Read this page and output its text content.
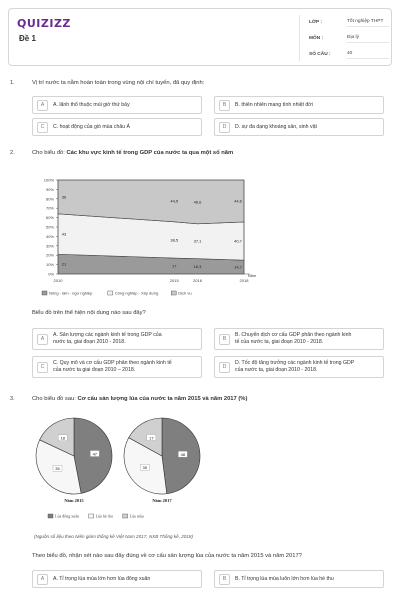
QUIZIZZ
Đề 1
LỚP :	Tốt nghiệp THPT
MÔN :	Địa lý
SỐ CÂU :	40
1.	Vị trí nước ta nằm hoàn toàn trong vùng nội chí tuyến, đã quy định:
A	A. lãnh thổ thuộc múi giờ thứ bảy	B	B. thiên nhiên mang tính nhiệt đới
C	C. hoạt động của gió mùa châu Á	D	D. sự đa dạng khoáng sản, sinh vật
2.	Cho biểu đồ: Các khu vực kinh tế trong GDP của nước ta qua một số năm
21	17	16,3	14,7
43
38,5	37,1	40,7
36
44,5	46,6	44,6
0%
10%
20%
30%
40%
50%
60%
70%
80%
90%
100%
2010	2015	2016	2018
Năm
Nông - lâm - ngư nghiệp	Công nghiệp - Xây dựng	Dịch vụ
Biểu đồ trên thể hiện nội dung nào sau đây?
A
A. Sản lượng các ngành kinh tế trong GDP của
nước ta, giai đoạn 2010 - 2018.	B
B. Chuyển dịch cơ cấu GDP phân theo ngành kinh
tế của nước ta, giai đoạn 2010 - 2018.
C
C. Quy mô và cơ cấu GDP phân theo ngành kinh tế
của nước ta giai đoạn 2010 – 2018.	D
D. Tốc độ tăng trưởng các ngành kinh tế trong GDP
của nước ta, giai đoạn 2010 - 2018.
3.	Cho biểu đồ sau: Cơ cấu sản lượng lúa của nước ta năm 2015 và năm 2017 (%)
47
35
18
Năm 2015
48
35
17
Năm 2017
Lúa đông xuân	Lúa hè thu	Lúa mùa
(Nguồn số liệu theo Niên giám thống kê Việt Nam 2017, NXB Thống kê, 2018)
Theo biểu đồ, nhận xét nào sau đây đúng về cơ cấu sản lượng lúa của nước ta năm 2015 và năm 2017?
A	A. Tỉ trọng lúa mùa lớn hơn lúa đông xuân	B	B. Tỉ trọng lúa mùa luôn lớn hơn lúa hè thu
